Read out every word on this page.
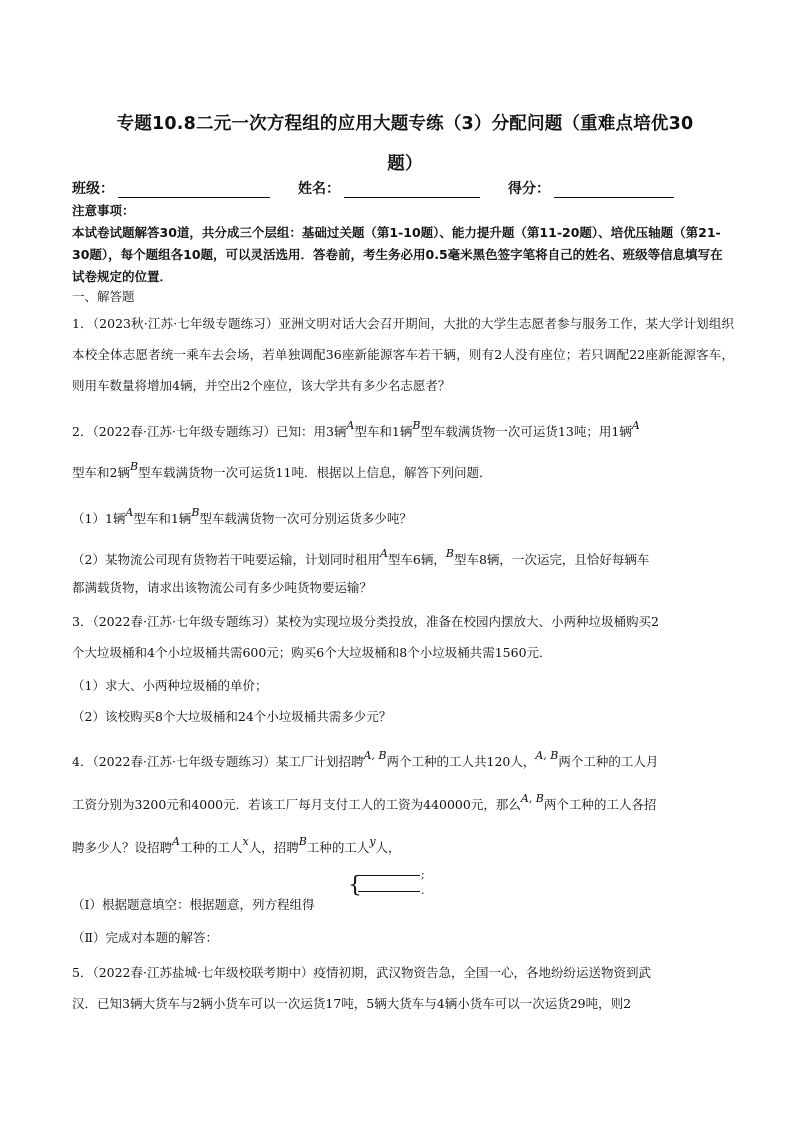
专题10.8二元一次方程组的应用大题专练（3）分配问题（重难点培优30
题）
班级：	姓名：	得分：
注意事项：
本试卷试题解答30道，共分成三个层组：基础过关题（第1-10题）、能力提升题（第11-20题）、培优压轴题（第21-30题），每个题组各10题，可以灵活选用．答卷前，考生务必用0.5毫米黑色签字笔将自己的姓名、班级等信息填写在试卷规定的位置．
一、解答题
1．（2023秋·江苏·七年级专题练习）亚洲文明对话大会召开期间，大批的大学生志愿者参与服务工作，某大学计划组织本校全体志愿者统一乘车去会场，若单独调配36座新能源客车若干辆，则有2人没有座位；若只调配22座新能源客车，则用车数量将增加4辆，并空出2个座位，该大学共有多少名志愿者？
2．（2022春·江苏·七年级专题练习）已知：用3辆A型车和1辆B型车载满货物一次可运货13吨；用1辆A
型车和2辆B型车载满货物一次可运货11吨．根据以上信息，解答下列问题．
（1）1辆A型车和1辆B型车载满货物一次可分别运货多少吨？
（2）某物流公司现有货物若干吨要运输，计划同时租用A型车6辆，B型车8辆，一次运完，且恰好每辆车
都满载货物，请求出该物流公司有多少吨货物要运输？
3．（2022春·江苏·七年级专题练习）某校为实现垃圾分类投放，准备在校园内摆放大、小两种垃圾桶购买2
个大垃圾桶和4个小垃圾桶共需600元；购买6个大垃圾桶和8个小垃圾桶共需1560元．
（1）求大、小两种垃圾桶的单价；
（2）该校购买8个大垃圾桶和24个小垃圾桶共需多少元？
4．（2022春·江苏·七年级专题练习）某工厂计划招聘A, B两个工种的工人共120人，A, B两个工种的工人月
工资分别为3200元和4000元．若该工厂每月支付工人的工资为440000元，那么A, B两个工种的工人各招
聘多少人？设招聘A工种的工人x人，招聘B工种的工人y人，
{	;
.
（Ⅰ）根据题意填空：根据题意，列方程组得
（Ⅱ）完成对本题的解答：
5．（2022春·江苏盐城·七年级校联考期中）疫情初期，武汉物资告急，全国一心，各地纷纷运送物资到武
汉．已知3辆大货车与2辆小货车可以一次运货17吨，5辆大货车与4辆小货车可以一次运货29吨，则2
